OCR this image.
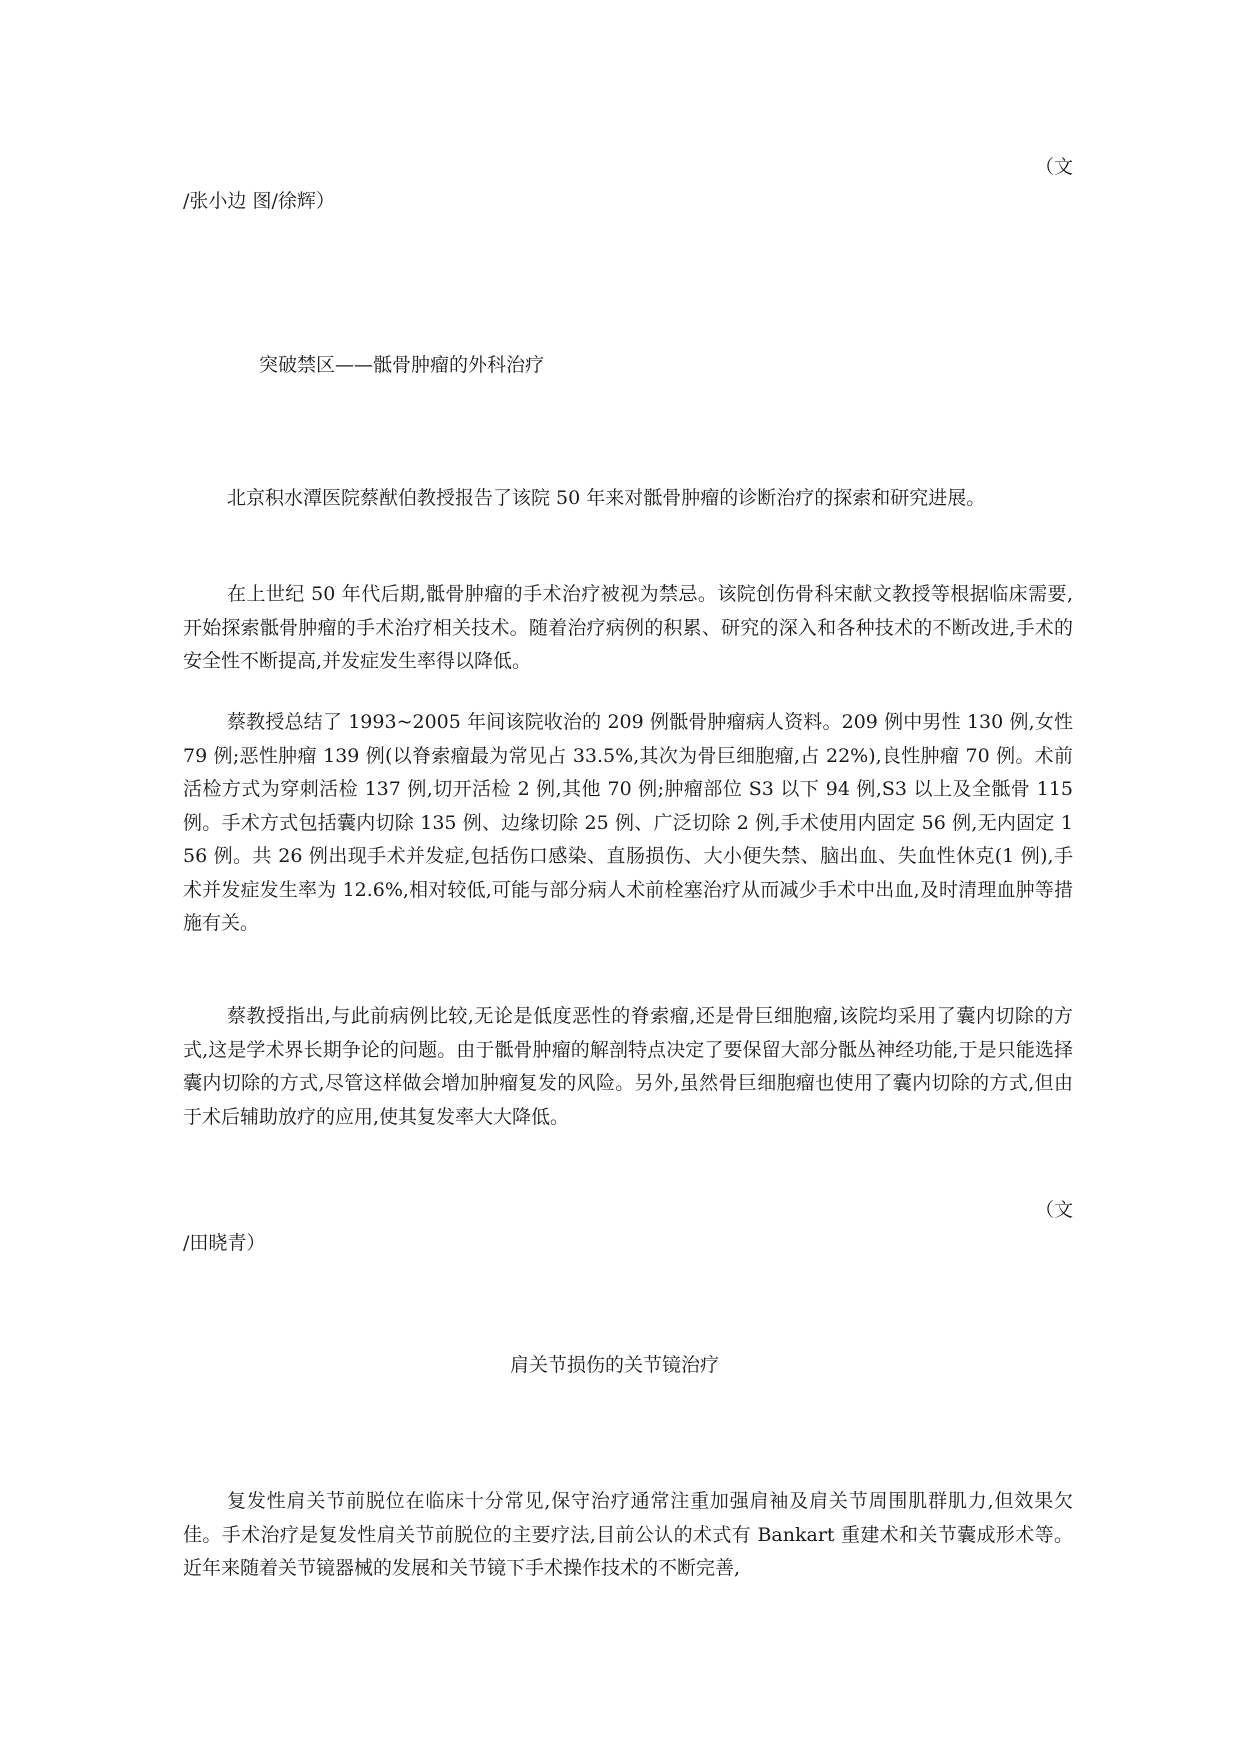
（文
/张小边 图/徐辉）
突破禁区——骶骨肿瘤的外科治疗
北京积水潭医院蔡猷伯教授报告了该院 50 年来对骶骨肿瘤的诊断治疗的探索和研究进展。
在上世纪 50 年代后期,骶骨肿瘤的手术治疗被视为禁忌。该院创伤骨科宋献文教授等根据临床需要,开始探索骶骨肿瘤的手术治疗相关技术。随着治疗病例的积累、研究的深入和各种技术的不断改进,手术的安全性不断提高,并发症发生率得以降低。
蔡教授总结了 1993~2005 年间该院收治的 209 例骶骨肿瘤病人资料。209 例中男性 130 例,女性 79 例;恶性肿瘤 139 例(以脊索瘤最为常见占 33.5%,其次为骨巨细胞瘤,占 22%),良性肿瘤 70 例。术前活检方式为穿刺活检 137 例,切开活检 2 例,其他 70 例;肿瘤部位 S3 以下 94 例,S3 以上及全骶骨 115 例。手术方式包括囊内切除 135 例、边缘切除 25 例、广泛切除 2 例,手术使用内固定 56 例,无内固定 156 例。共 26 例出现手术并发症,包括伤口感染、直肠损伤、大小便失禁、脑出血、失血性休克(1 例),手术并发症发生率为 12.6%,相对较低,可能与部分病人术前栓塞治疗从而减少手术中出血,及时清理血肿等措施有关。
蔡教授指出,与此前病例比较,无论是低度恶性的脊索瘤,还是骨巨细胞瘤,该院均采用了囊内切除的方式,这是学术界长期争论的问题。由于骶骨肿瘤的解剖特点决定了要保留大部分骶丛神经功能,于是只能选择囊内切除的方式,尽管这样做会增加肿瘤复发的风险。另外,虽然骨巨细胞瘤也使用了囊内切除的方式,但由于术后辅助放疗的应用,使其复发率大大降低。
（文
/田晓青）
肩关节损伤的关节镜治疗
复发性肩关节前脱位在临床十分常见,保守治疗通常注重加强肩袖及肩关节周围肌群肌力,但效果欠佳。手术治疗是复发性肩关节前脱位的主要疗法,目前公认的术式有 Bankart 重建术和关节囊成形术等。近年来随着关节镜器械的发展和关节镜下手术操作技术的不断完善,
